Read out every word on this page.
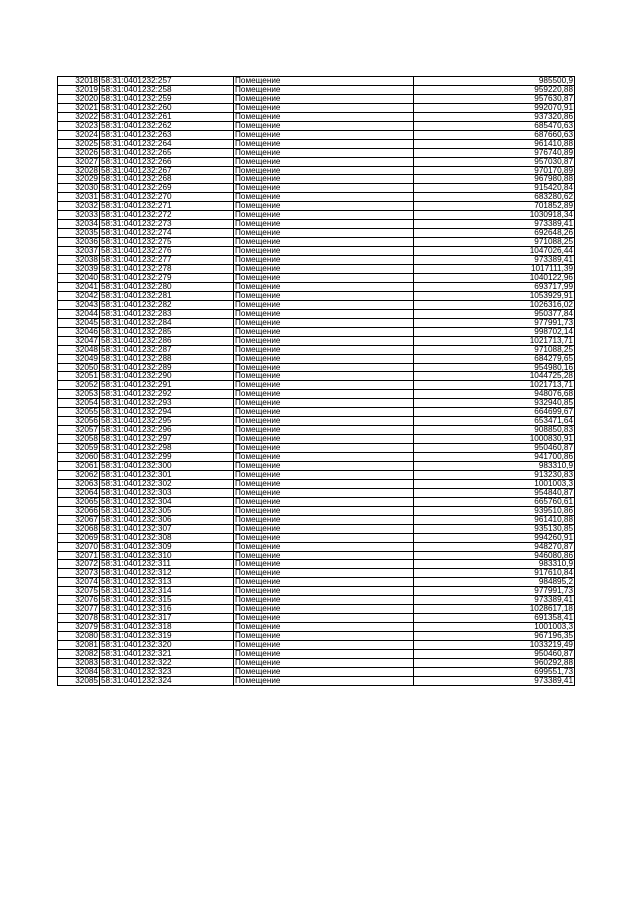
32018	58:31:0401232:257	Помещение	985500,9
32019	58:31:0401232:258	Помещение	959220,88
32020	58:31:0401232:259	Помещение	957630,87
32021	58:31:0401232:260	Помещение	992070,91
32022	58:31:0401232:261	Помещение	937320,86
32023	58:31:0401232:262	Помещение	685470,63
32024	58:31:0401232:263	Помещение	687660,63
32025	58:31:0401232:264	Помещение	961410,88
32026	58:31:0401232:265	Помещение	976740,89
32027	58:31:0401232:266	Помещение	957030,87
32028	58:31:0401232:267	Помещение	970170,89
32029	58:31:0401232:268	Помещение	967980,88
32030	58:31:0401232:269	Помещение	915420,84
32031	58:31:0401232:270	Помещение	683280,62
32032	58:31:0401232:271	Помещение	701852,89
32033	58:31:0401232:272	Помещение	1030918,34
32034	58:31:0401232:273	Помещение	973389,41
32035	58:31:0401232:274	Помещение	692648,26
32036	58:31:0401232:275	Помещение	971088,25
32037	58:31:0401232:276	Помещение	1047026,44
32038	58:31:0401232:277	Помещение	973389,41
32039	58:31:0401232:278	Помещение	1017111,39
32040	58:31:0401232:279	Помещение	1040122,96
32041	58:31:0401232:280	Помещение	693717,99
32042	58:31:0401232:281	Помещение	1053929,91
32043	58:31:0401232:282	Помещение	1026316,02
32044	58:31:0401232:283	Помещение	950377,84
32045	58:31:0401232:284	Помещение	977991,73
32046	58:31:0401232:285	Помещение	998702,14
32047	58:31:0401232:286	Помещение	1021713,71
32048	58:31:0401232:287	Помещение	971088,25
32049	58:31:0401232:288	Помещение	684279,65
32050	58:31:0401232:289	Помещение	954980,16
32051	58:31:0401232:290	Помещение	1044725,28
32052	58:31:0401232:291	Помещение	1021713,71
32053	58:31:0401232:292	Помещение	948076,68
32054	58:31:0401232:293	Помещение	932940,85
32055	58:31:0401232:294	Помещение	664699,67
32056	58:31:0401232:295	Помещение	653471,64
32057	58:31:0401232:296	Помещение	908850,83
32058	58:31:0401232:297	Помещение	1000830,91
32059	58:31:0401232:298	Помещение	950460,87
32060	58:31:0401232:299	Помещение	941700,86
32061	58:31:0401232:300	Помещение	983310,9
32062	58:31:0401232:301	Помещение	913230,83
32063	58:31:0401232:302	Помещение	1001003,3
32064	58:31:0401232:303	Помещение	954840,87
32065	58:31:0401232:304	Помещение	665760,61
32066	58:31:0401232:305	Помещение	939510,86
32067	58:31:0401232:306	Помещение	961410,88
32068	58:31:0401232:307	Помещение	935130,85
32069	58:31:0401232:308	Помещение	994260,91
32070	58:31:0401232:309	Помещение	948270,87
32071	58:31:0401232:310	Помещение	946080,86
32072	58:31:0401232:311	Помещение	983310,9
32073	58:31:0401232:312	Помещение	917610,84
32074	58:31:0401232:313	Помещение	984895,2
32075	58:31:0401232:314	Помещение	977991,73
32076	58:31:0401232:315	Помещение	973389,41
32077	58:31:0401232:316	Помещение	1028617,18
32078	58:31:0401232:317	Помещение	691358,41
32079	58:31:0401232:318	Помещение	1001003,3
32080	58:31:0401232:319	Помещение	967196,35
32081	58:31:0401232:320	Помещение	1033219,49
32082	58:31:0401232:321	Помещение	950460,87
32083	58:31:0401232:322	Помещение	960292,88
32084	58:31:0401232:323	Помещение	699551,73
32085	58:31:0401232:324	Помещение	973389,41
